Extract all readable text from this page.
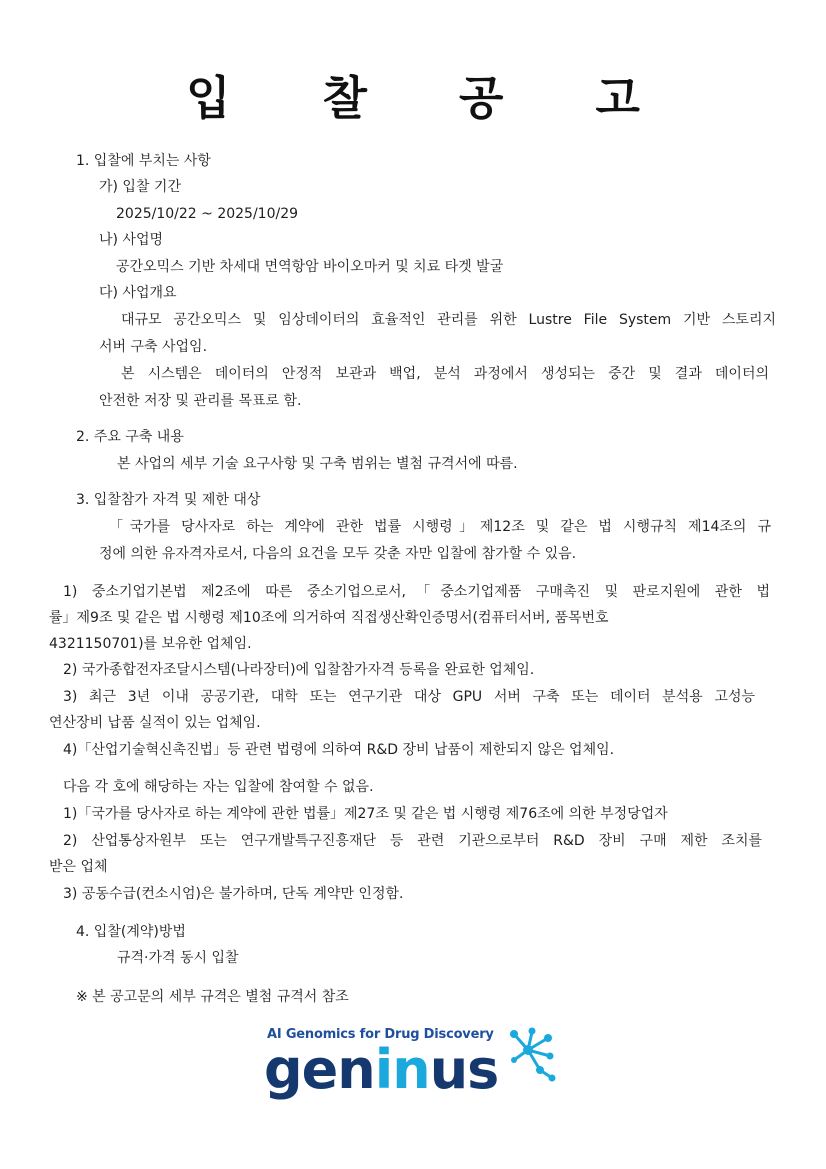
입 찰 공 고
1. 입찰에 부치는 사항
가) 입찰 기간
2025/10/22 ~ 2025/10/29
나) 사업명
공간오믹스 기반 차세대 면역항암 바이오마커 및 치료 타겟 발굴
다) 사업개요
대규모 공간오믹스 및 임상데이터의 효율적인 관리를 위한 Lustre File System 기반 스토리지
서버 구축 사업임.
본 시스템은 데이터의 안정적 보관과 백업, 분석 과정에서 생성되는 중간 및 결과 데이터의
안전한 저장 및 관리를 목표로 함.
2. 주요 구축 내용
본 사업의 세부 기술 요구사항 및 구축 범위는 별첨 규격서에 따름.
3. 입찰참가 자격 및 제한 대상
「국가를 당사자로 하는 계약에 관한 법률 시행령」제12조 및 같은 법 시행규칙 제14조의 규
정에 의한 유자격자로서, 다음의 요건을 모두 갖춘 자만 입찰에 참가할 수 있음.
1) 중소기업기본법 제2조에 따른 중소기업으로서,「중소기업제품 구매촉진 및 판로지원에 관한 법
률」제9조 및 같은 법 시행령 제10조에 의거하여 직접생산확인증명서(컴퓨터서버, 품목번호
4321150701)를 보유한 업체임.
2) 국가종합전자조달시스템(나라장터)에 입찰참가자격 등록을 완료한 업체임.
3) 최근 3년 이내 공공기관, 대학 또는 연구기관 대상 GPU 서버 구축 또는 데이터 분석용 고성능
연산장비 납품 실적이 있는 업체임.
4)「산업기술혁신촉진법」등 관련 법령에 의하여 R&D 장비 납품이 제한되지 않은 업체임.
다음 각 호에 해당하는 자는 입찰에 참여할 수 없음.
1)「국가를 당사자로 하는 계약에 관한 법률」제27조 및 같은 법 시행령 제76조에 의한 부정당업자
2) 산업통상자원부 또는 연구개발특구진흥재단 등 관련 기관으로부터 R&D 장비 구매 제한 조치를
받은 업체
3) 공동수급(컨소시엄)은 불가하며, 단독 계약만 인정함.
4. 입찰(계약)방법
규격·가격 동시 입찰
※ 본 공고문의 세부 규격은 별첨 규격서 참조
AI Genomics for Drug Discovery
geninus
